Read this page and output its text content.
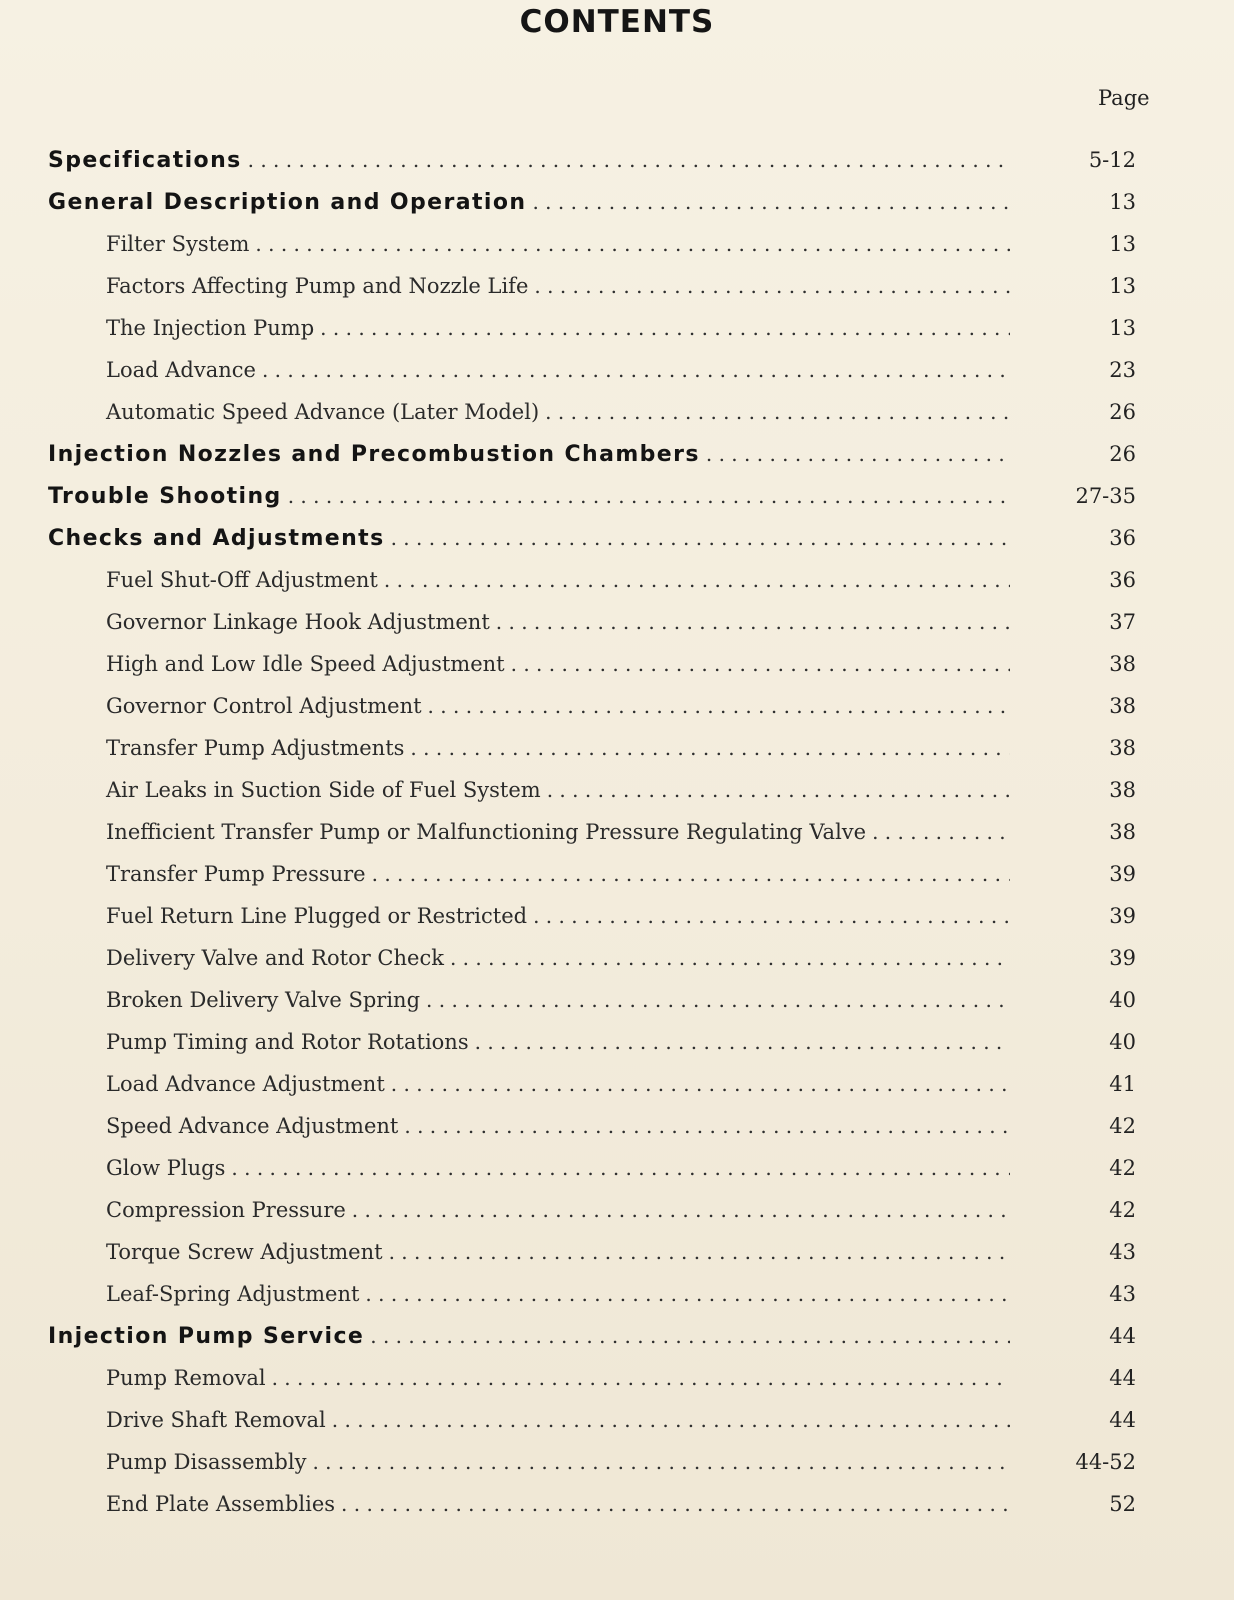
CONTENTS
Page
Specifications . . .	5-12
General Description and Operation . . .	13
Filter System . . .	13
Factors Affecting Pump and Nozzle Life . . .	13
The Injection Pump . . .	13
Load Advance . . .	23
Automatic Speed Advance (Later Model) . . .	26
Injection Nozzles and Precombustion Chambers . . .	26
Trouble Shooting . . .	27-35
Checks and Adjustments . . .	36
Fuel Shut-Off Adjustment . . .	36
Governor Linkage Hook Adjustment . . .	37
High and Low Idle Speed Adjustment . . .	38
Governor Control Adjustment . . .	38
Transfer Pump Adjustments . . .	38
Air Leaks in Suction Side of Fuel System . . .	38
Inefficient Transfer Pump or Malfunctioning Pressure Regulating Valve . . .	38
Transfer Pump Pressure . . .	39
Fuel Return Line Plugged or Restricted . . .	39
Delivery Valve and Rotor Check . . .	39
Broken Delivery Valve Spring . . .	40
Pump Timing and Rotor Rotations . . .	40
Load Advance Adjustment . . .	41
Speed Advance Adjustment . . .	42
Glow Plugs . . .	42
Compression Pressure . . .	42
Torque Screw Adjustment . . .	43
Leaf-Spring Adjustment . . .	43
Injection Pump Service . . .	44
Pump Removal . . .	44
Drive Shaft Removal . . .	44
Pump Disassembly . . .	44-52
End Plate Assemblies . . .	52
